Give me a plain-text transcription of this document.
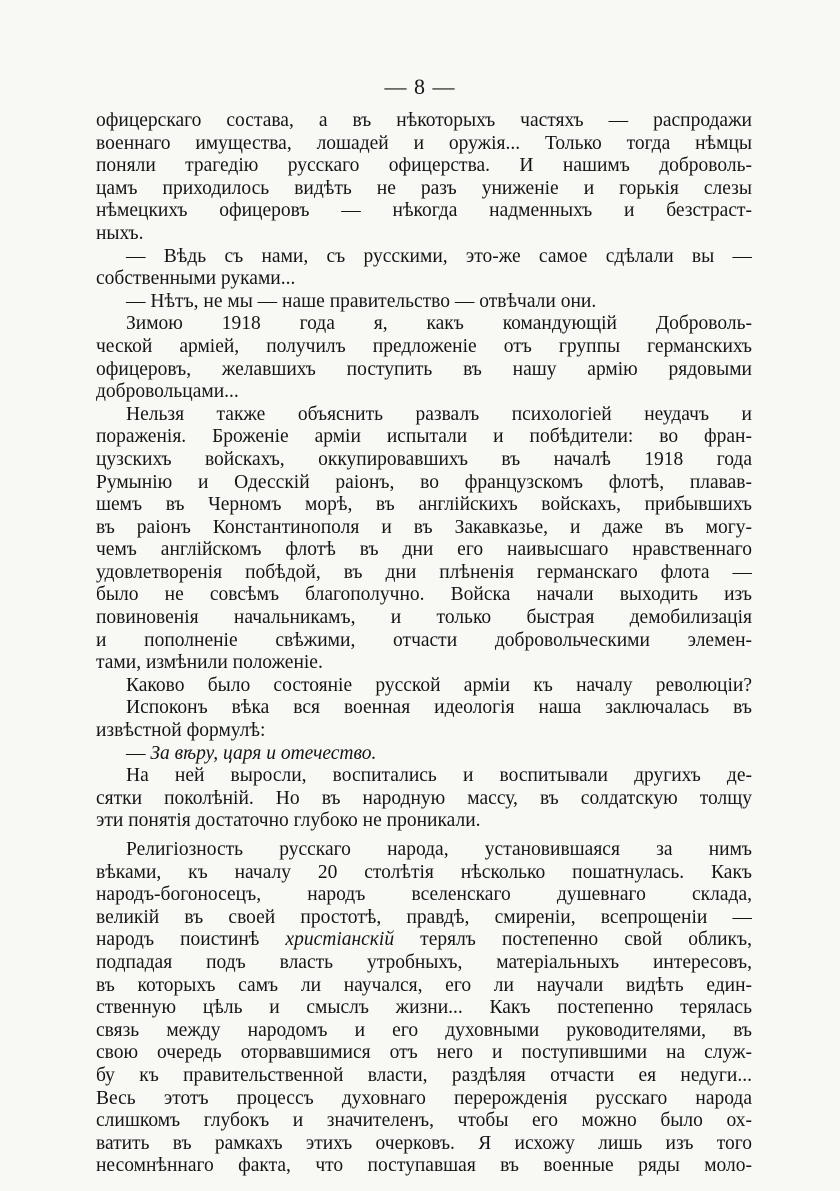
— 8 —
офицерскаго состава, а въ нѣкоторыхъ частяхъ — распродажи
военнаго имущества, лошадей и оружія... Только тогда нѣмцы
поняли трагедію русскаго офицерства. И нашимъ доброволь-
цамъ приходилось видѣть не разъ униженіе и горькія слезы
нѣмецкихъ офицеровъ — нѣкогда надменныхъ и безстраст-
ныхъ.
— Вѣдь съ нами, съ русскими, это-же самое сдѣлали вы —
собственными руками...
— Нѣтъ, не мы — наше правительство — отвѣчали они.
Зимою 1918 года я, какъ командующій Доброволь-
ческой арміей, получилъ предложеніе отъ группы германскихъ
офицеровъ, желавшихъ поступить въ нашу армію рядовыми
добровольцами...
Нельзя также объяснить развалъ психологіей неудачъ и
пораженія. Броженіе арміи испытали и побѣдители: во фран-
цузскихъ войскахъ, оккупировавшихъ въ началѣ 1918 года
Румынію и Одесскій раіонъ, во французскомъ флотѣ, плавав-
шемъ въ Черномъ морѣ, въ англійскихъ войскахъ, прибывшихъ
въ раіонъ Константинополя и въ Закавказье, и даже въ могу-
чемъ англійскомъ флотѣ въ дни его наивысшаго нравственнаго
удовлетворенія побѣдой, въ дни плѣненія германскаго флота —
было не совсѣмъ благополучно. Войска начали выходить изъ
повиновенія начальникамъ, и только быстрая демобилизація
и пополненіе свѣжими, отчасти добровольческими элемен-
тами, измѣнили положеніе.
Каково было состояніе русской арміи къ началу революціи?
Испоконъ вѣка вся военная идеологія наша заключалась въ
извѣстной формулѣ:
— За вѣру, царя и отечество.
На ней выросли, воспитались и воспитывали другихъ де-
сятки поколѣній. Но въ народную массу, въ солдатскую толщу
эти понятія достаточно глубоко не проникали.
Религіозность русскаго народа, установившаяся за нимъ
вѣками, къ началу 20 столѣтія нѣсколько пошатнулась. Какъ
народъ-богоносецъ, народъ вселенскаго душевнаго склада,
великій въ своей простотѣ, правдѣ, смиреніи, всепрощеніи —
народъ поистинѣ христіанскій терялъ постепенно свой обликъ,
подпадая подъ власть утробныхъ, матеріальныхъ интересовъ,
въ которыхъ самъ ли научался, его ли научали видѣть един-
ственную цѣль и смыслъ жизни... Какъ постепенно терялась
связь между народомъ и его духовными руководителями, въ
свою очередь оторвавшимися отъ него и поступившими на служ-
бу къ правительственной власти, раздѣляя отчасти ея недуги...
Весь этотъ процессъ духовнаго перерожденія русскаго народа
слишкомъ глубокъ и значителенъ, чтобы его можно было ох-
ватить въ рамкахъ этихъ очерковъ. Я исхожу лишь изъ того
несомнѣннаго факта, что поступавшая въ военные ряды моло-
